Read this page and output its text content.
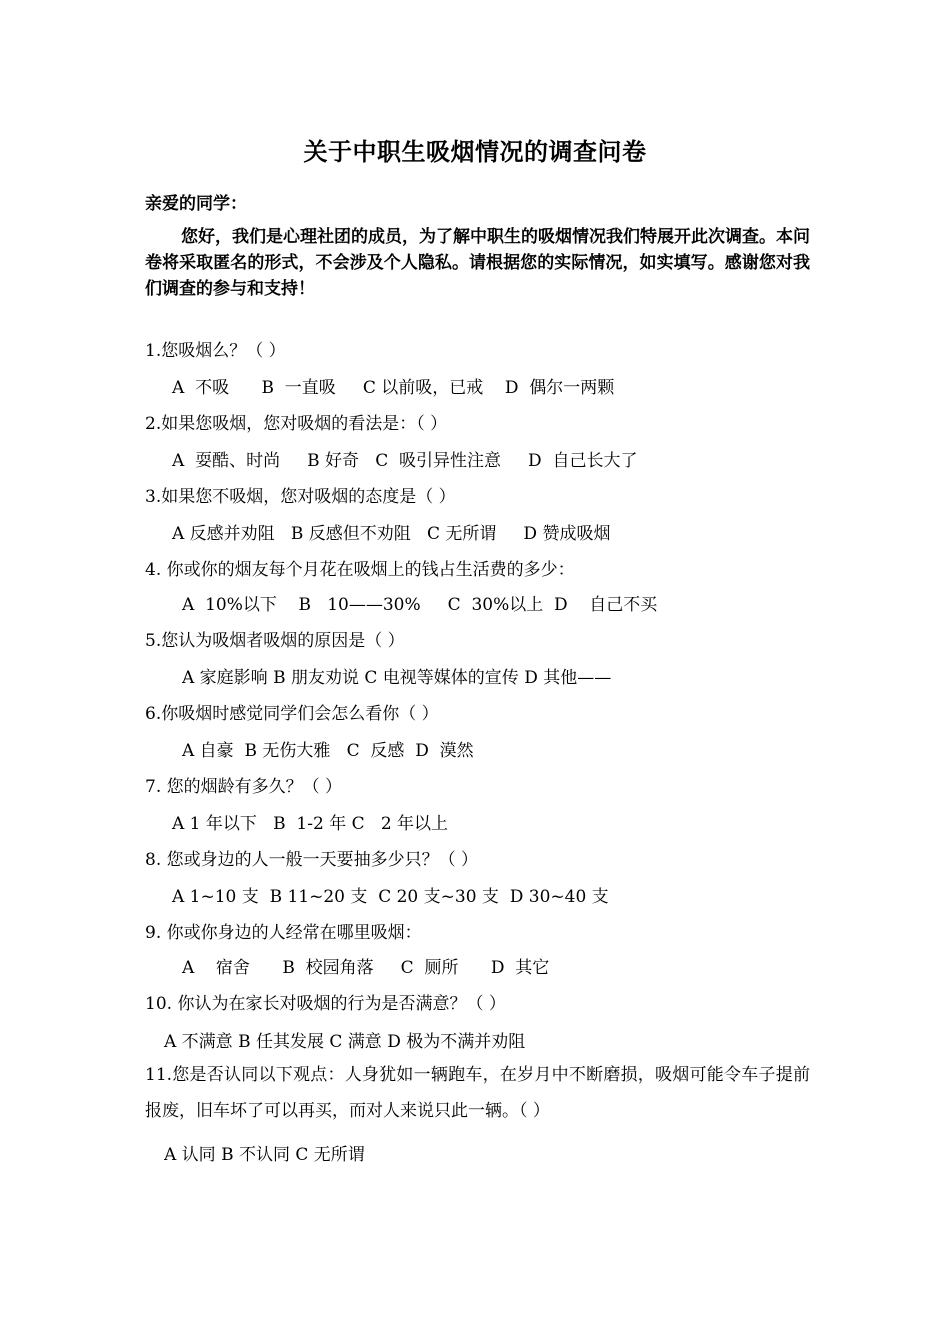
关于中职生吸烟情况的调查问卷
亲爱的同学：
您好，我们是心理社团的成员，为了解中职生的吸烟情况我们特展开此次调查。本问卷将采取匿名的形式，不会涉及个人隐私。请根据您的实际情况，如实填写。感谢您对我们调查的参与和支持！
1.您吸烟么？（ ）
A  不吸      B  一直吸     C 以前吸，已戒    D  偶尔一两颗
2.如果您吸烟，您对吸烟的看法是：（ ）
A  耍酷、时尚     B 好奇   C  吸引异性注意     D  自己长大了
3.如果您不吸烟，您对吸烟的态度是（ ）
A 反感并劝阻   B 反感但不劝阻   C 无所谓     D 赞成吸烟
4. 你或你的烟友每个月花在吸烟上的钱占生活费的多少：
A  10%以下    B   10——30%     C  30%以上  D    自己不买
5.您认为吸烟者吸烟的原因是（ ）
A 家庭影响 B 朋友劝说 C 电视等媒体的宣传 D 其他——
6.你吸烟时感觉同学们会怎么看你（ ）
A 自豪  B 无伤大雅   C  反感  D  漠然
7. 您的烟龄有多久？（ ）
A 1 年以下   B  1-2 年 C   2 年以上
8. 您或身边的人一般一天要抽多少只？（ ）
A 1~10 支  B 11~20 支  C 20 支~30 支  D 30~40 支
9. 你或你身边的人经常在哪里吸烟：
A    宿舍      B  校园角落     C  厕所      D  其它
10. 你认为在家长对吸烟的行为是否满意？（ ）
A 不满意 B 任其发展 C 满意 D 极为不满并劝阻
11.您是否认同以下观点：人身犹如一辆跑车，在岁月中不断磨损，吸烟可能令车子提前报废，旧车坏了可以再买，而对人来说只此一辆。（ ）
A 认同 B 不认同 C 无所谓
